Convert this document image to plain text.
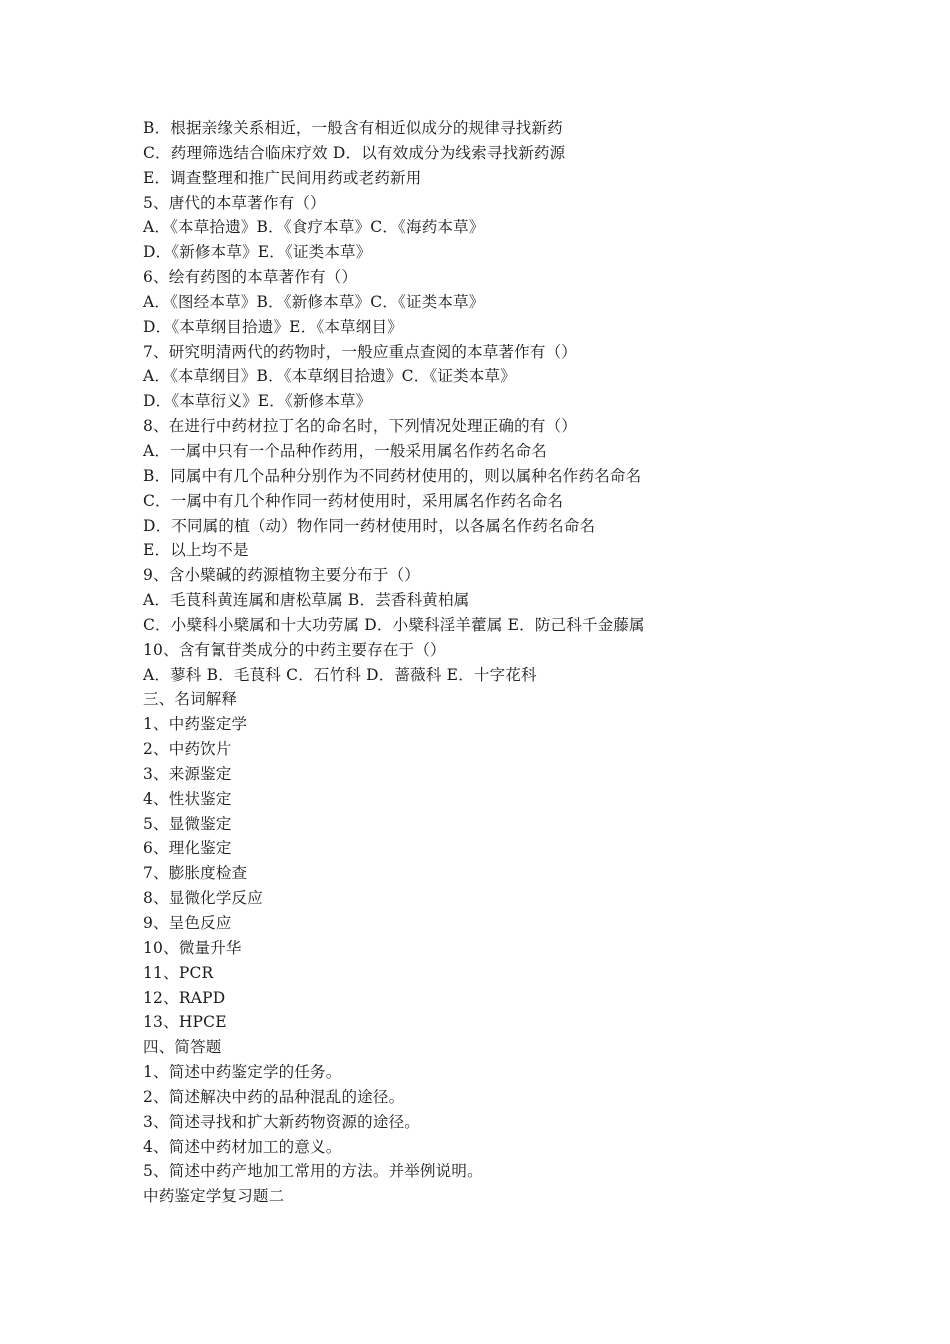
B．根据亲缘关系相近，一般含有相近似成分的规律寻找新药
C．药理筛选结合临床疗效 D．以有效成分为线索寻找新药源
E．调查整理和推广民间用药或老药新用
5、唐代的本草著作有（）
A．《本草拾遗》B．《食疗本草》C．《海药本草》
D．《新修本草》E．《证类本草》
6、绘有药图的本草著作有（）
A．《图经本草》B．《新修本草》C．《证类本草》
D．《本草纲目拾遗》E．《本草纲目》
7、研究明清两代的药物时，一般应重点查阅的本草著作有（）
A．《本草纲目》B．《本草纲目拾遗》C．《证类本草》
D．《本草衍义》E．《新修本草》
8、在进行中药材拉丁名的命名时，下列情况处理正确的有（）
A．一属中只有一个品种作药用，一般采用属名作药名命名
B．同属中有几个品种分别作为不同药材使用的，则以属种名作药名命名
C．一属中有几个种作同一药材使用时，采用属名作药名命名
D．不同属的植（动）物作同一药材使用时，以各属名作药名命名
E．以上均不是
9、含小檗碱的药源植物主要分布于（）
A．毛茛科黄连属和唐松草属 B．芸香科黄柏属
C．小檗科小檗属和十大功劳属 D．小檗科淫羊藿属 E．防己科千金藤属
10、含有氰苷类成分的中药主要存在于（）
A．蓼科 B．毛茛科 C．石竹科 D．蔷薇科 E．十字花科
三、名词解释
1、中药鉴定学
2、中药饮片
3、来源鉴定
4、性状鉴定
5、显微鉴定
6、理化鉴定
7、膨胀度检查
8、显微化学反应
9、呈色反应
10、微量升华
11、PCR
12、RAPD
13、HPCE
四、简答题
1、简述中药鉴定学的任务。
2、简述解决中药的品种混乱的途径。
3、简述寻找和扩大新药物资源的途径。
4、简述中药材加工的意义。
5、简述中药产地加工常用的方法。并举例说明。
中药鉴定学复习题二
